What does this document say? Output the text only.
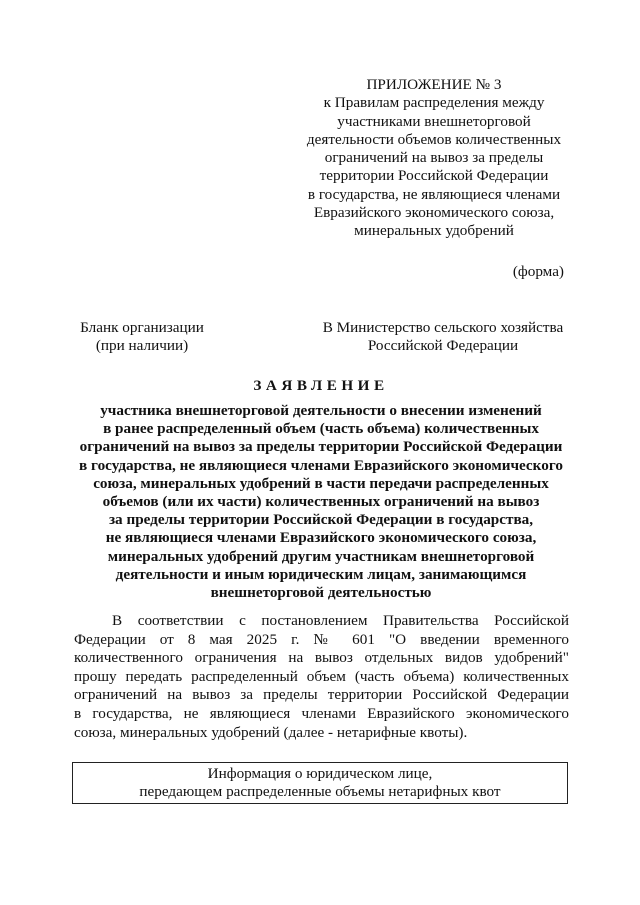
ПРИЛОЖЕНИЕ № 3
к Правилам распределения между
участниками внешнеторговой
деятельности объемов количественных
ограничений на вывоз за пределы
территории Российской Федерации
в государства, не являющиеся членами
Евразийского экономического союза,
минеральных удобрений
(форма)
Бланк организации
(при наличии)
В Министерство сельского хозяйства
Российской Федерации
ЗАЯВЛЕНИЕ
участника внешнеторговой деятельности о внесении изменений
в ранее распределенный объем (часть объема) количественных
ограничений на вывоз за пределы территории Российской Федерации
в государства, не являющиеся членами Евразийского экономического
союза, минеральных удобрений в части передачи распределенных
объемов (или их части) количественных ограничений на вывоз
за пределы территории Российской Федерации в государства,
не являющиеся членами Евразийского экономического союза,
минеральных удобрений другим участникам внешнеторговой
деятельности и иным юридическим лицам, занимающимся
внешнеторговой деятельностью
В соответствии с постановлением Правительства Российской
Федерации от 8 мая 2025 г. № 601 "О введении временного
количественного ограничения на вывоз отдельных видов удобрений"
прошу передать распределенный объем (часть объема) количественных
ограничений на вывоз за пределы территории Российской Федерации
в государства, не являющиеся членами Евразийского экономического
союза, минеральных удобрений (далее - нетарифные квоты).
Информация о юридическом лице,
передающем распределенные объемы нетарифных квот
